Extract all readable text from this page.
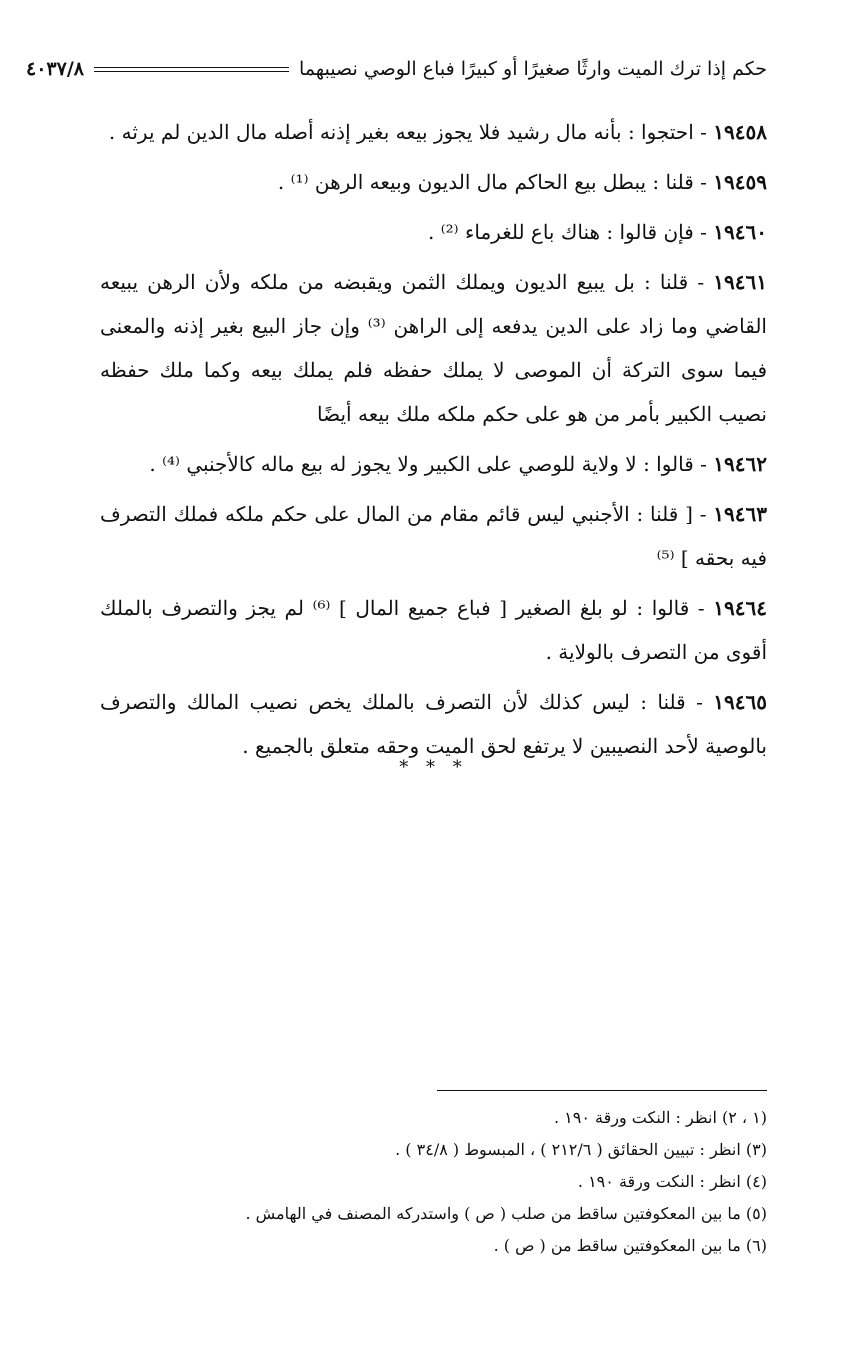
حكم إذا ترك الميت وارثًا صغيرًا أو كبيرًا فباع الوصي نصيبهما
٤٠٣٧/٨

١٩٤٥٨ - احتجوا : بأنه مال رشيد فلا يجوز بيعه بغير إذنه أصله مال الدين لم يرثه .

١٩٤٥٩ - قلنا : يبطل بيع الحاكم مال الديون وبيعه الرهن ⁽¹⁾ .

١٩٤٦٠ - فإن قالوا : هناك باع للغرماء ⁽²⁾ .

١٩٤٦١ - قلنا : بل يبيع الديون ويملك الثمن ويقبضه من ملكه ولأن الرهن يبيعه القاضي وما زاد على الدين يدفعه إلى الراهن ⁽³⁾ وإن جاز البيع بغير إذنه والمعنى فيما سوى التركة أن الموصى لا يملك حفظه فلم يملك بيعه وكما ملك حفظه نصيب الكبير بأمر من هو على حكم ملكه ملك بيعه أيضًا

١٩٤٦٢ - قالوا : لا ولاية للوصي على الكبير ولا يجوز له بيع ماله كالأجنبي ⁽⁴⁾ .

١٩٤٦٣ - [ قلنا : الأجنبي ليس قائم مقام من المال على حكم ملكه فملك التصرف فيه بحقه ] ⁽⁵⁾

١٩٤٦٤ - قالوا : لو بلغ الصغير [ فباع جميع المال ] ⁽⁶⁾ لم يجز والتصرف بالملك أقوى من التصرف بالولاية .

١٩٤٦٥ - قلنا : ليس كذلك لأن التصرف بالملك يخص نصيب المالك والتصرف بالوصية لأحد النصيبين لا يرتفع لحق الميت وحقه متعلق بالجميع .

* * *
(١ ، ٢) انظر : النكت ورقة ١٩٠ .
(٣) انظر : تبيين الحقائق ( ٢١٢/٦ ) ، المبسوط ( ٣٤/٨ ) .
(٤) انظر : النكت ورقة ١٩٠ .
(٥) ما بين المعكوفتين ساقط من صلب ( ص ) واستدركه المصنف في الهامش .
(٦) ما بين المعكوفتين ساقط من ( ص ) .
